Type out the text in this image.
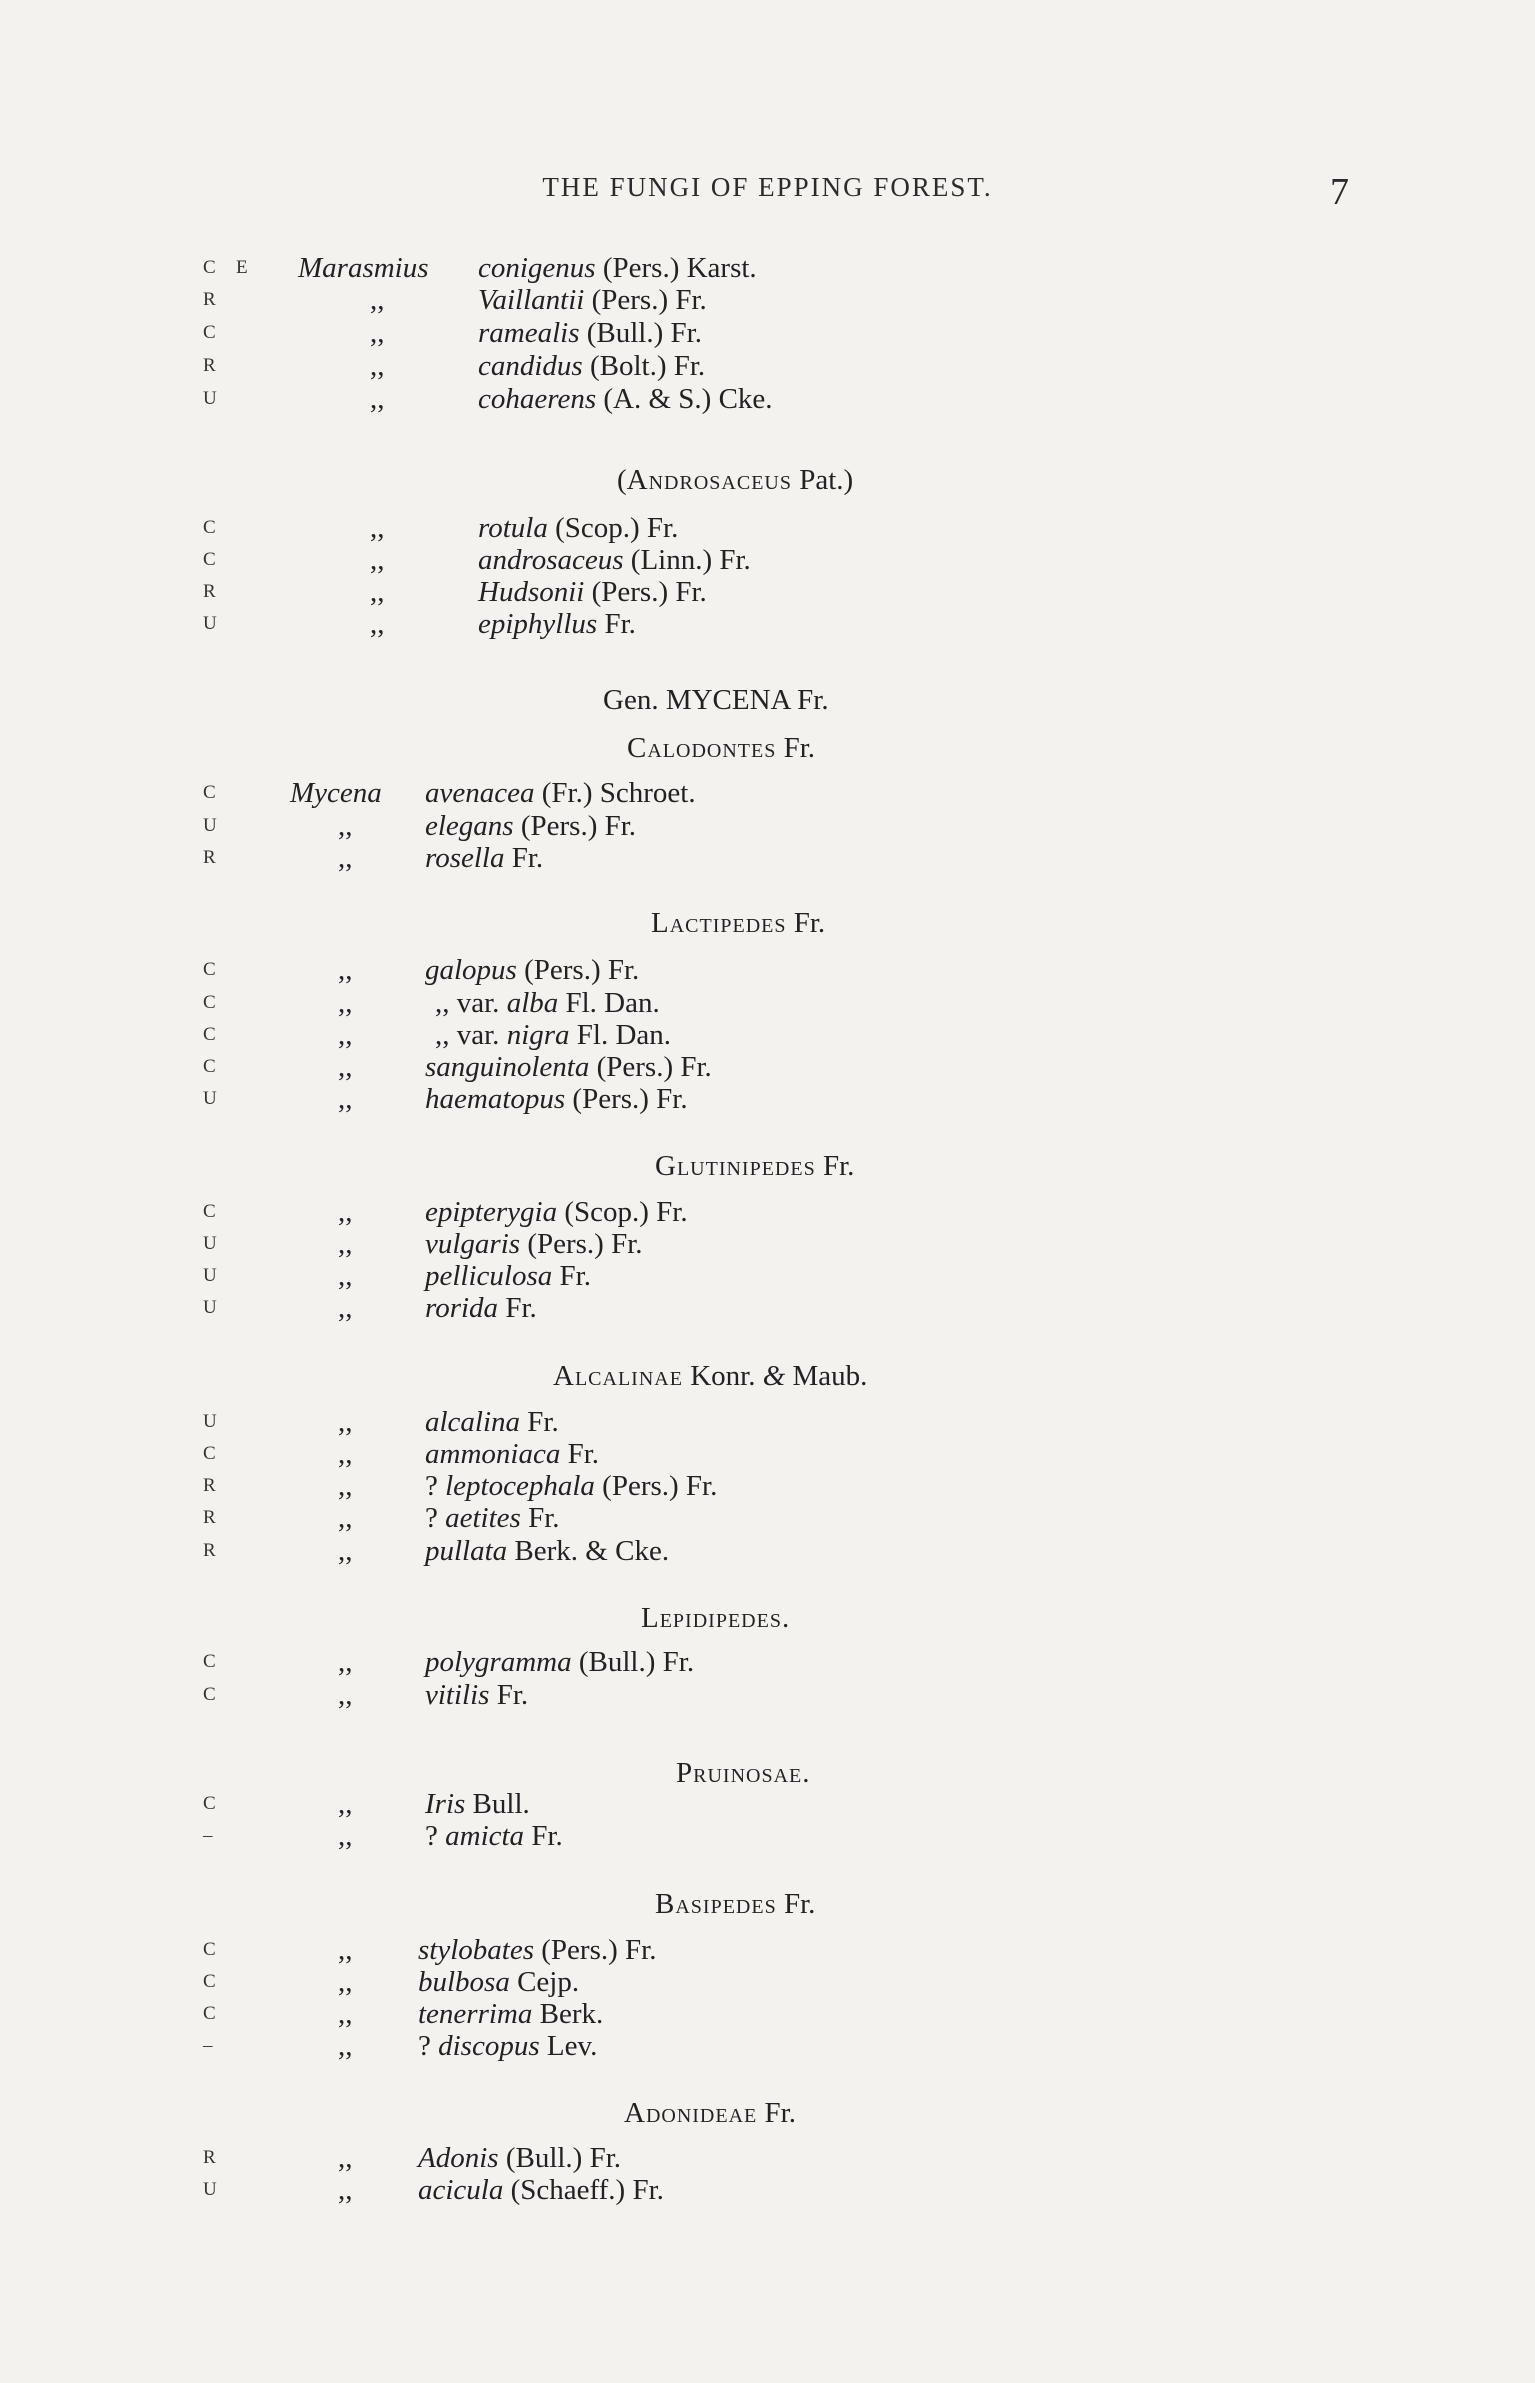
THE FUNGI OF EPPING FOREST.	7
C	E Marasmius conigenus (Pers.) Karst.
R	,,	Vaillantii (Pers.) Fr.
C	,,	ramealis (Bull.) Fr.
R	,,	candidus (Bolt.) Fr.
U	,,	cohaerens (A. & S.) Cke.
(Androsaceus Pat.)
C	,,	rotula (Scop.) Fr.
C	,,	androsaceus (Linn.) Fr.
R	,,	Hudsonii (Pers.) Fr.
U	,,	epiphyllus Fr.
Gen. MYCENA Fr.
Calodontes Fr.
C	Mycena avenacea (Fr.) Schroet.
U	,,	elegans (Pers.) Fr.
R	,,	rosella Fr.
Lactipedes Fr.
C	,,	galopus (Pers.) Fr.
C	,,	,, var. alba Fl. Dan.
C	,,	,, var. nigra Fl. Dan.
C	,,	sanguinolenta (Pers.) Fr.
U	,,	haematopus (Pers.) Fr.
Glutinipedes Fr.
C	,,	epipterygia (Scop.) Fr.
U	,,	vulgaris (Pers.) Fr.
U	,,	pelliculosa Fr.
U	,,	rorida Fr.
Alcalinae Konr. & Maub.
U	,,	alcalina Fr.
C	,,	ammoniaca Fr.
R	,,	? leptocephala (Pers.) Fr.
R	,,	? aetites Fr.
R	,,	pullata Berk. & Cke.
Lepidipedes.
C	,,	polygramma (Bull.) Fr.
C	,,	vitilis Fr.
Pruinosae.
C	,,	Iris Bull.
–	,,	? amicta Fr.
Basipedes Fr.
C	,, stylobates (Pers.) Fr.
C	,, bulbosa Cejp.
C	,, tenerrima Berk.
–	,, ? discopus Lev.
Adonideae Fr.
R	,, Adonis (Bull.) Fr.
U	,, acicula (Schaeff.) Fr.
